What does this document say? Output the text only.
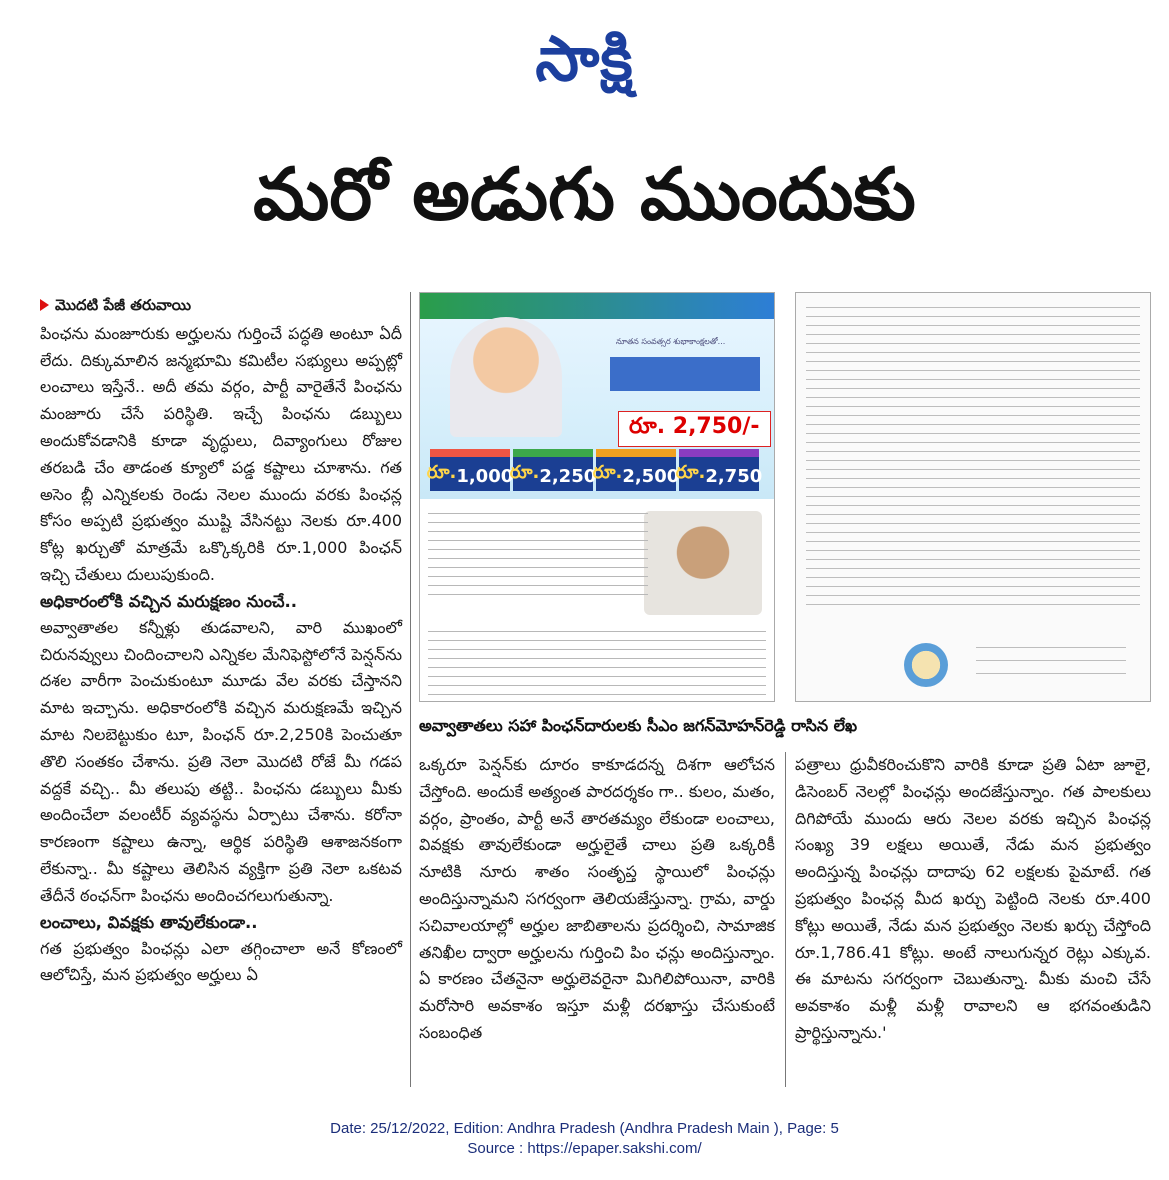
సాక్షి
మరో అడుగు ముందుకు
మొదటి పేజీ తరువాయి

పింఛను మంజూరుకు అర్హులను గుర్తించే పద్ధతి అంటూ ఏదీ లేదు. దిక్కుమాలిన జన్మభూమి కమిటీల సభ్యులు అప్పట్లో లంచాలు ఇస్తేనే.. అదీ తమ వర్గం, పార్టీ వారైతేనే పింఛను మంజూరు చేసే పరిస్థితి. ఇచ్చే పింఛను డబ్బులు అందుకోవడానికి కూడా వృద్ధులు, దివ్యాంగులు రోజుల తరబడి చేం తాడంత క్యూలో పడ్డ కష్టాలు చూశాను. గత అసెం బ్లీ ఎన్నికలకు రెండు నెలల ముందు వరకు పింఛన్ల కోసం అప్పటి ప్రభుత్వం ముష్టి వేసినట్టు నెలకు రూ.400 కోట్ల ఖర్చుతో మాత్రమే ఒక్కొక్కరికి రూ.1,000 పింఛన్ ఇచ్చి చేతులు దులుపుకుంది.

అధికారంలోకి వచ్చిన మరుక్షణం నుంచే..

అవ్వాతాతల కన్నీళ్లు తుడవాలని, వారి ముఖంలో చిరునవ్వులు చిందించాలని ఎన్నికల మేనిఫెస్టోలోనే పెన్షన్‌ను దశల వారీగా పెంచుకుంటూ మూడు వేల వరకు చేస్తానని మాట ఇచ్చాను. అధికారంలోకి వచ్చిన మరుక్షణమే ఇచ్చిన మాట నిలబెట్టుకుం టూ, పింఛన్ రూ.2,250కి పెంచుతూ తొలి సంతకం చేశాను. ప్రతి నెలా మొదటి రోజే మీ గడప వద్దకే వచ్చి.. మీ తలుపు తట్టి.. పింఛను డబ్బులు మీకు అందించేలా వలంటీర్ వ్యవస్థను ఏర్పాటు చేశాను. కరోనా కారణంగా కష్టాలు ఉన్నా, ఆర్థిక పరిస్థితి ఆశాజనకంగా లేకున్నా.. మీ కష్టాలు తెలిసిన వ్యక్తిగా ప్రతి నెలా ఒకటవ తేదీనే ఠంఛన్‌గా పింఛను అందించగలుగుతున్నా.

లంచాలు, వివక్షకు తావులేకుండా..

గత ప్రభుత్వం పింఛన్లు ఎలా తగ్గించాలా అనే కోణంలో ఆలోచిస్తే, మన ప్రభుత్వం అర్హులు ఏ

నూతన సంవత్సర శుభాకాంక్షలతో...
రూ. 2,750/-
రూ. 1,000
రూ. 2,250
రూ. 2,500
రూ. 2,750
అవ్వాతాతలు సహా పింఛన్‌దారులకు సీఎం జగన్‌మోహన్‌రెడ్డి రాసిన లేఖ

ఒక్కరూ పెన్షన్‌కు దూరం కాకూడదన్న దిశగా ఆలోచన చేస్తోంది. అందుకే అత్యంత పారదర్శకం గా.. కులం, మతం, వర్గం, ప్రాంతం, పార్టీ అనే తారతమ్యం లేకుండా లంచాలు, వివక్షకు తావులేకుండా అర్హులైతే చాలు ప్రతి ఒక్కరికీ నూటికి నూరు శాతం సంతృప్త స్థాయిలో పింఛన్లు అందిస్తున్నామని సగర్వంగా తెలియజేస్తున్నా. గ్రామ, వార్డు సచివాలయాల్లో అర్హుల జాబితాలను ప్రదర్శించి, సామాజిక తనిఖీల ద్వారా అర్హులను గుర్తించి పిం ఛన్లు అందిస్తున్నాం. ఏ కారణం చేతనైనా అర్హులెవరైనా మిగిలిపోయినా, వారికి మరోసారి అవకాశం ఇస్తూ మళ్లీ దరఖాస్తు చేసుకుంటే సంబంధిత

పత్రాలు ధ్రువీకరించుకొని వారికి కూడా ప్రతి ఏటా జూలై, డిసెంబర్ నెలల్లో పింఛన్లు అందజేస్తున్నాం. గత పాలకులు దిగిపోయే ముందు ఆరు నెలల వరకు ఇచ్చిన పింఛన్ల సంఖ్య 39 లక్షలు అయితే, నేడు మన ప్రభుత్వం అందిస్తున్న పింఛన్లు దాదాపు 62 లక్షలకు పైమాటే. గత ప్రభుత్వం పింఛన్ల మీద ఖర్చు పెట్టింది నెలకు రూ.400 కోట్లు అయితే, నేడు మన ప్రభుత్వం నెలకు ఖర్చు చేస్తోంది రూ.1,786.41 కోట్లు. అంటే నాలుగున్నర రెట్లు ఎక్కువ. ఈ మాటను సగర్వంగా చెబుతున్నా. మీకు మంచి చేసే అవకాశం మళ్లీ మళ్లీ రావాలని ఆ భగవంతుడిని ప్రార్థిస్తున్నాను.'

Date: 25/12/2022, Edition: Andhra Pradesh (Andhra Pradesh Main ), Page: 5
Source : https://epaper.sakshi.com/
